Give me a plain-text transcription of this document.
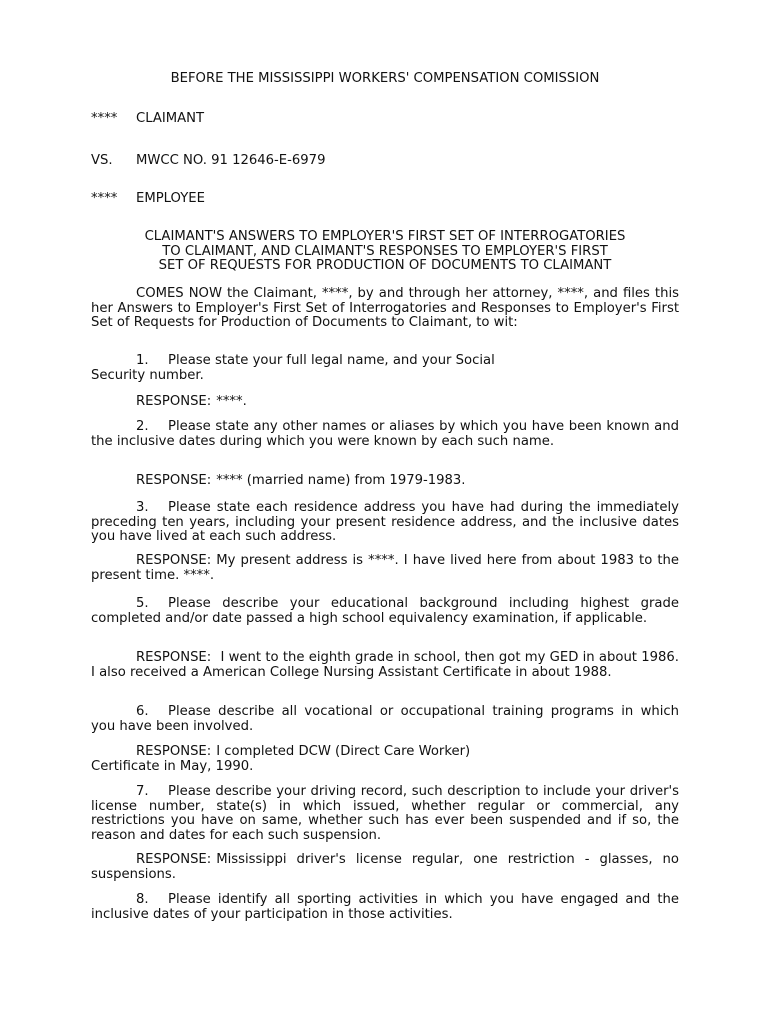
BEFORE THE MISSISSIPPI WORKERS' COMPENSATION COMISSION
**** CLAIMANT
VS. MWCC NO. 91 12646-E-6979
**** EMPLOYEE
CLAIMANT'S ANSWERS TO EMPLOYER'S FIRST SET OF INTERROGATORIES
TO CLAIMANT, AND CLAIMANT'S RESPONSES TO EMPLOYER'S FIRST
SET OF REQUESTS FOR PRODUCTION OF DOCUMENTS TO CLAIMANT

COMES NOW the Claimant, ****, by and through her attorney, ****, and files this her Answers to Employer's First Set of Interrogatories and Responses to Employer's First Set of Requests for Production of Documents to Claimant, to wit:

1. Please state your full legal name, and your Social
Security number.
RESPONSE: ****.

2. Please state any other names or aliases by which you have been known and the inclusive dates during which you were known by each such name.

RESPONSE: **** (married name) from 1979-1983.

3. Please state each residence address you have had during the immediately preceding ten years, including your present residence address, and the inclusive dates you have lived at each such address.

RESPONSE: My present address is ****. I have lived here from about 1983 to the present time. ****.

5. Please describe your educational background including highest grade completed and/or date passed a high school equivalency examination, if applicable.

RESPONSE: I went to the eighth grade in school, then got my GED in about 1986. I also received a American College Nursing Assistant Certificate in about 1988.

6. Please describe all vocational or occupational training programs in which you have been involved.

RESPONSE: I completed DCW (Direct Care Worker)
Certificate in May, 1990.

7. Please describe your driving record, such description to include your driver's license number, state(s) in which issued, whether regular or commercial, any restrictions you have on same, whether such has ever been suspended and if so, the reason and dates for each such suspension.

RESPONSE: Mississippi driver's license regular, one restriction - glasses, no suspensions.

8. Please identify all sporting activities in which you have engaged and the inclusive dates of your participation in those activities.
